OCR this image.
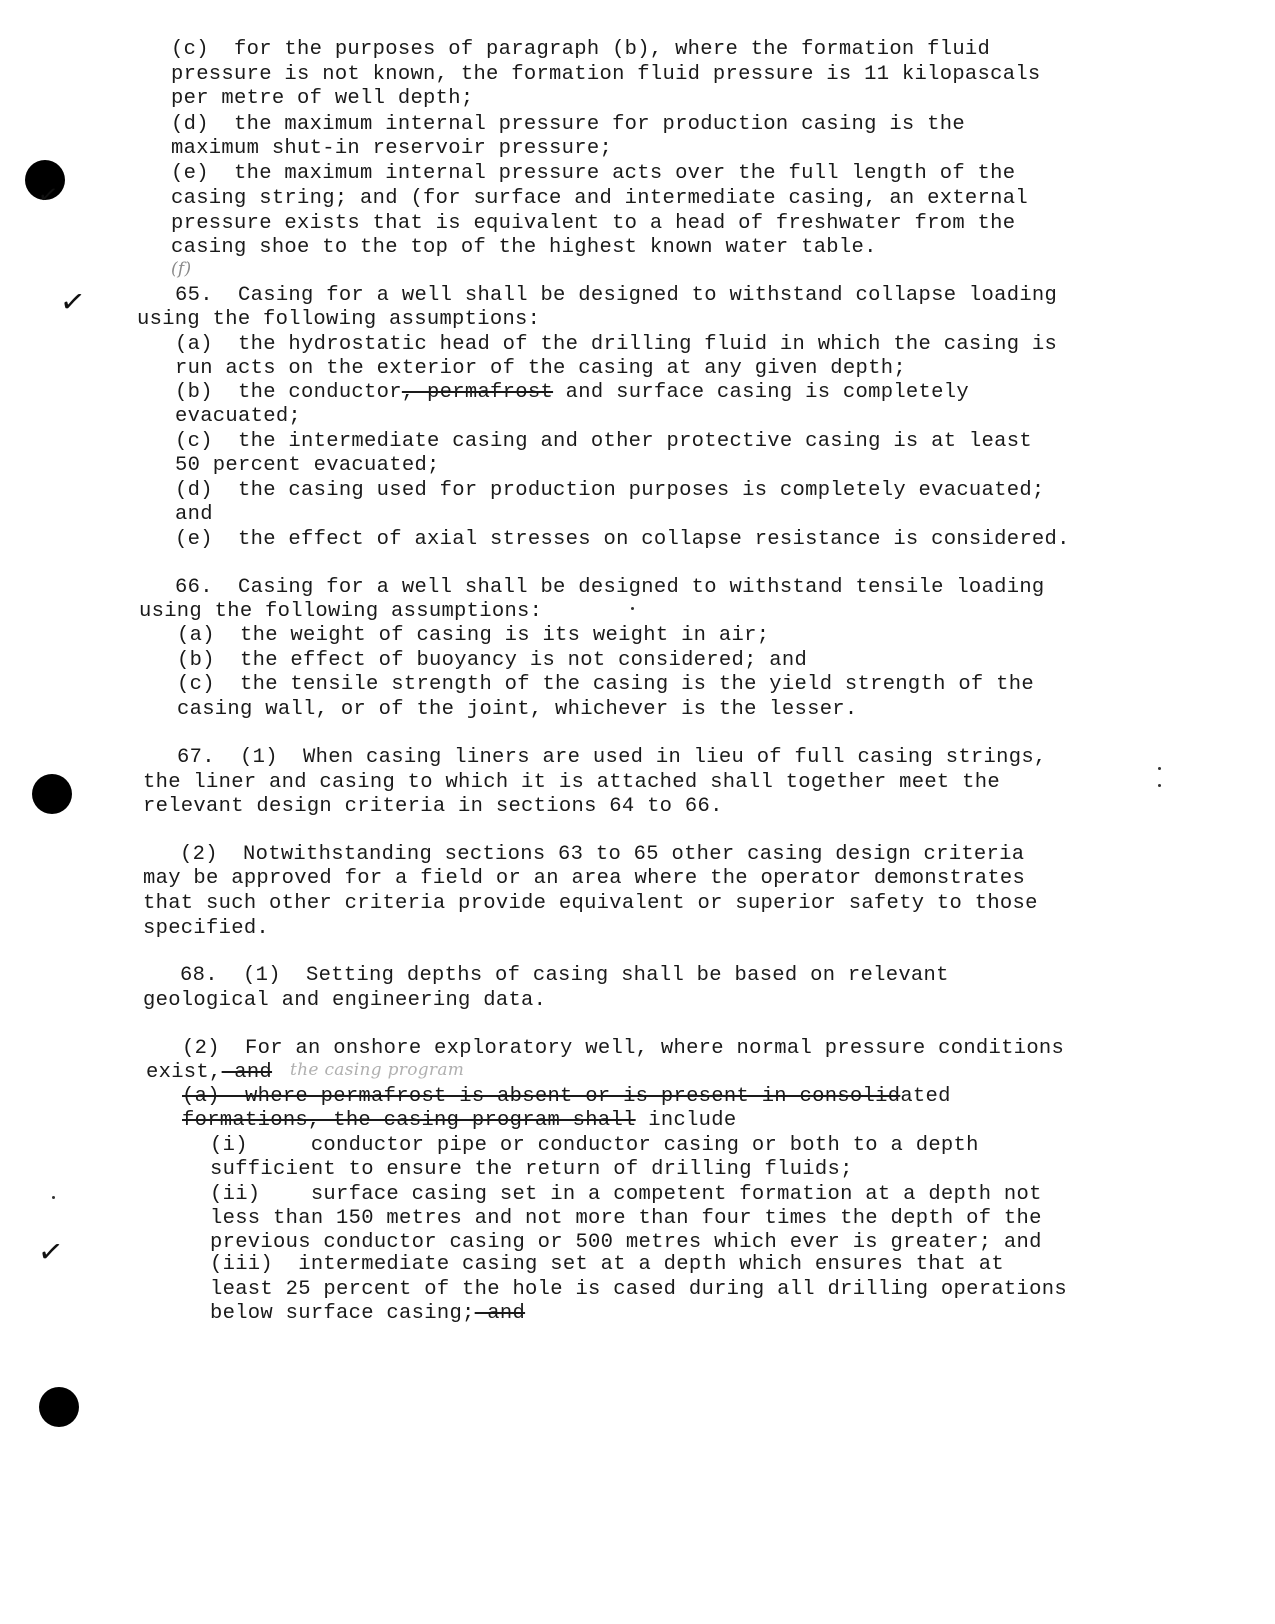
(c)  for the purposes of paragraph (b), where the formation fluid
pressure is not known, the formation fluid pressure is 11 kilopascals
per metre of well depth;
(d)  the maximum internal pressure for production casing is the
maximum shut-in reservoir pressure;
(e)  the maximum internal pressure acts over the full length of the
casing string; and (for surface and intermediate casing, an external
pressure exists that is equivalent to a head of freshwater from the
casing shoe to the top of the highest known water table.
(f)
65.  Casing for a well shall be designed to withstand collapse loading
using the following assumptions:
(a)  the hydrostatic head of the drilling fluid in which the casing is
run acts on the exterior of the casing at any given depth;
(b)  the conductor, permafrost and surface casing is completely
evacuated;
(c)  the intermediate casing and other protective casing is at least
50 percent evacuated;
(d)  the casing used for production purposes is completely evacuated;
and
(e)  the effect of axial stresses on collapse resistance is considered.
66.  Casing for a well shall be designed to withstand tensile loading
using the following assumptions:
(a)  the weight of casing is its weight in air;
(b)  the effect of buoyancy is not considered; and
(c)  the tensile strength of the casing is the yield strength of the
casing wall, or of the joint, whichever is the lesser.
67.  (1)  When casing liners are used in lieu of full casing strings,
the liner and casing to which it is attached shall together meet the
relevant design criteria in sections 64 to 66.
(2)  Notwithstanding sections 63 to 65 other casing design criteria
may be approved for a field or an area where the operator demonstrates
that such other criteria provide equivalent or superior safety to those
specified.
68.  (1)  Setting depths of casing shall be based on relevant
geological and engineering data.
(2)  For an onshore exploratory well, where normal pressure conditions
exist, and the casing program
(a)  where permafrost is absent or is present in consolidated
formations, the casing program shall include
(i)     conductor pipe or conductor casing or both to a depth
sufficient to ensure the return of drilling fluids;
(ii)    surface casing set in a competent formation at a depth not
less than 150 metres and not more than four times the depth of the
previous conductor casing or 500 metres which ever is greater; and
(iii)  intermediate casing set at a depth which ensures that at
least 25 percent of the hole is cased during all drilling operations
below surface casing; and
✓
✓
✓
